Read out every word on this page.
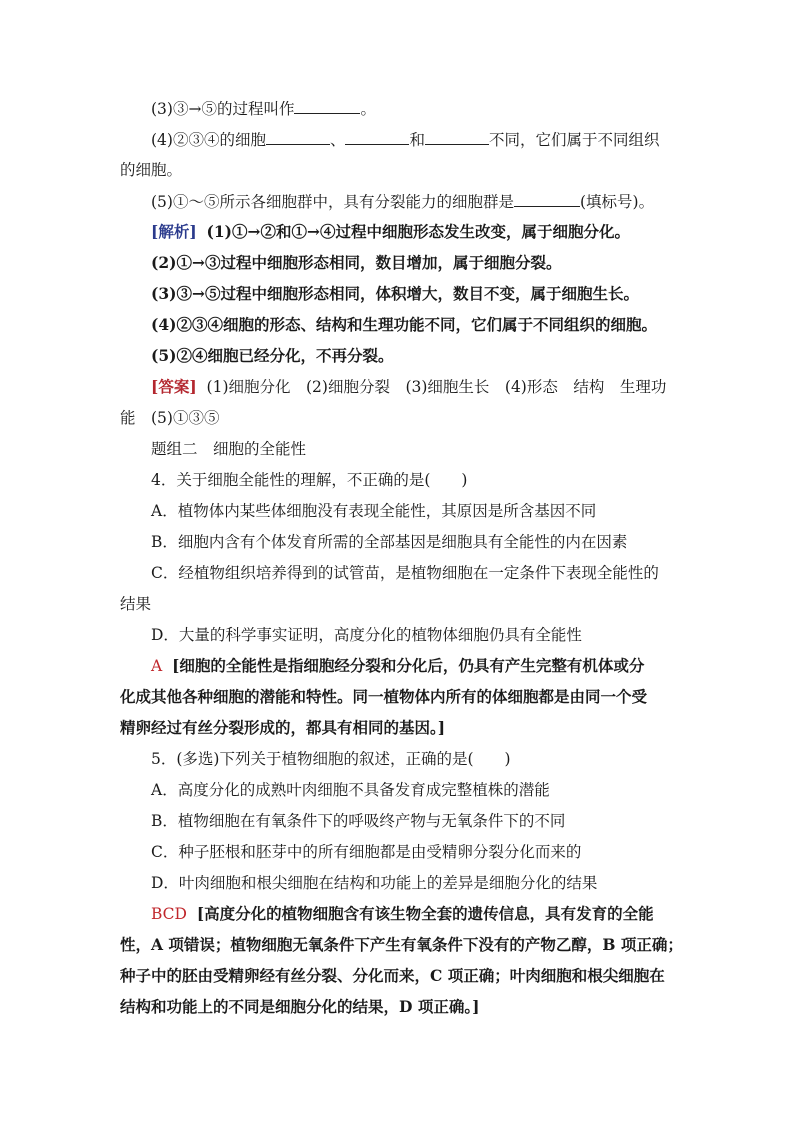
(3)③→⑤的过程叫作	。
(4)②③④的细胞	、	和	不同，它们属于不同组织
的细胞。
(5)①～⑤所示各细胞群中，具有分裂能力的细胞群是	(填标号)。
[解析] (1)①→②和①→④过程中细胞形态发生改变，属于细胞分化。
(2)①→③过程中细胞形态相同，数目增加，属于细胞分裂。
(3)③→⑤过程中细胞形态相同，体积增大，数目不变，属于细胞生长。
(4)②③④细胞的形态、结构和生理功能不同，它们属于不同组织的细胞。
(5)②④细胞已经分化，不再分裂。
[答案] (1)细胞分化　(2)细胞分裂　(3)细胞生长　(4)形态　结构　生理功
能　(5)①③⑤
题组二　细胞的全能性
4．关于细胞全能性的理解，不正确的是(　　)
A．植物体内某些体细胞没有表现全能性，其原因是所含基因不同
B．细胞内含有个体发育所需的全部基因是细胞具有全能性的内在因素
C．经植物组织培养得到的试管苗，是植物细胞在一定条件下表现全能性的
结果
D．大量的科学事实证明，高度分化的植物体细胞仍具有全能性
A [细胞的全能性是指细胞经分裂和分化后，仍具有产生完整有机体或分
化成其他各种细胞的潜能和特性。同一植物体内所有的体细胞都是由同一个受
精卵经过有丝分裂形成的，都具有相同的基因。]
5．(多选)下列关于植物细胞的叙述，正确的是(　　)
A．高度分化的成熟叶肉细胞不具备发育成完整植株的潜能
B．植物细胞在有氧条件下的呼吸终产物与无氧条件下的不同
C．种子胚根和胚芽中的所有细胞都是由受精卵分裂分化而来的
D．叶肉细胞和根尖细胞在结构和功能上的差异是细胞分化的结果
BCD [高度分化的植物细胞含有该生物全套的遗传信息，具有发育的全能
性，A 项错误；植物细胞无氧条件下产生有氧条件下没有的产物乙醇，B 项正确；
种子中的胚由受精卵经有丝分裂、分化而来，C 项正确；叶肉细胞和根尖细胞在
结构和功能上的不同是细胞分化的结果，D 项正确。]
